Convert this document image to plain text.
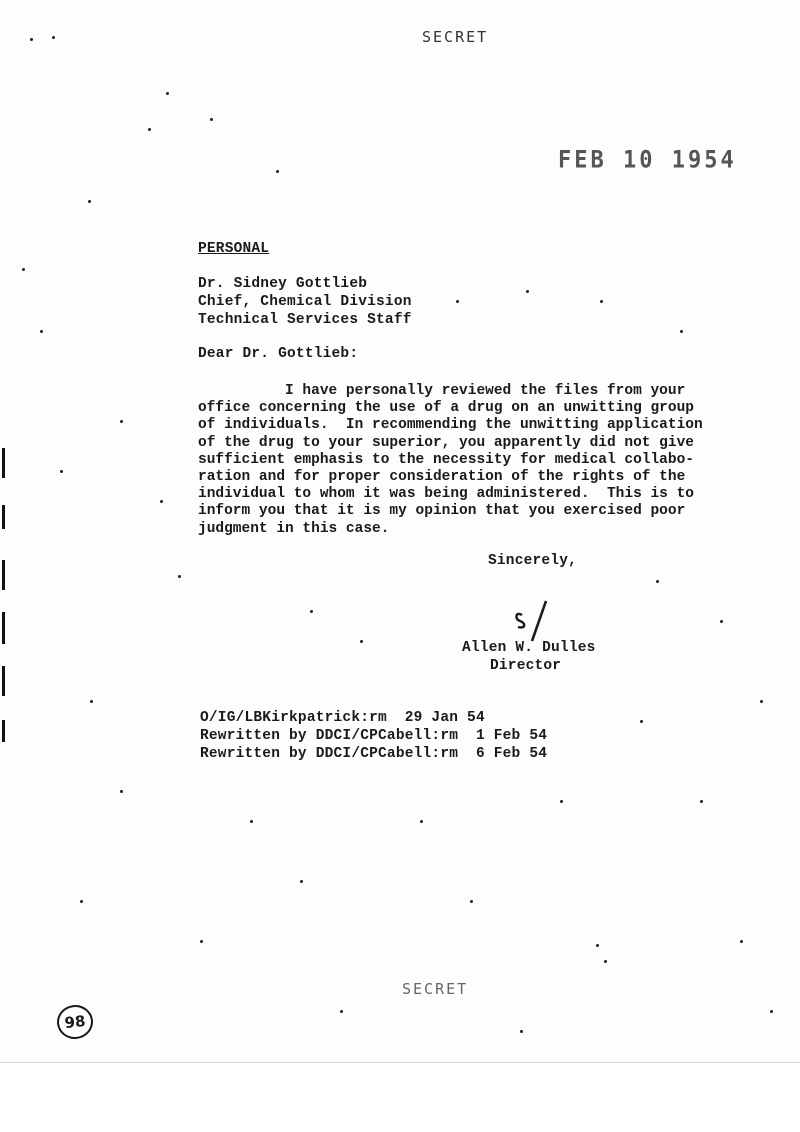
SECRET
FEB 10 1954
PERSONAL
Dr. Sidney Gottlieb
Chief, Chemical Division
Technical Services Staff
Dear Dr. Gottlieb:
I have personally reviewed the files from your
office concerning the use of a drug on an unwitting group
of individuals.  In recommending the unwitting application
of the drug to your superior, you apparently did not give
sufficient emphasis to the necessity for medical collabo-
ration and for proper consideration of the rights of the
individual to whom it was being administered.  This is to
inform you that it is my opinion that you exercised poor
judgment in this case.
Sincerely,
Allen W. Dulles
Director
O/IG/LBKirkpatrick:rm  29 Jan 54
Rewritten by DDCI/CPCabell:rm  1 Feb 54
Rewritten by DDCI/CPCabell:rm  6 Feb 54
SECRET
98
